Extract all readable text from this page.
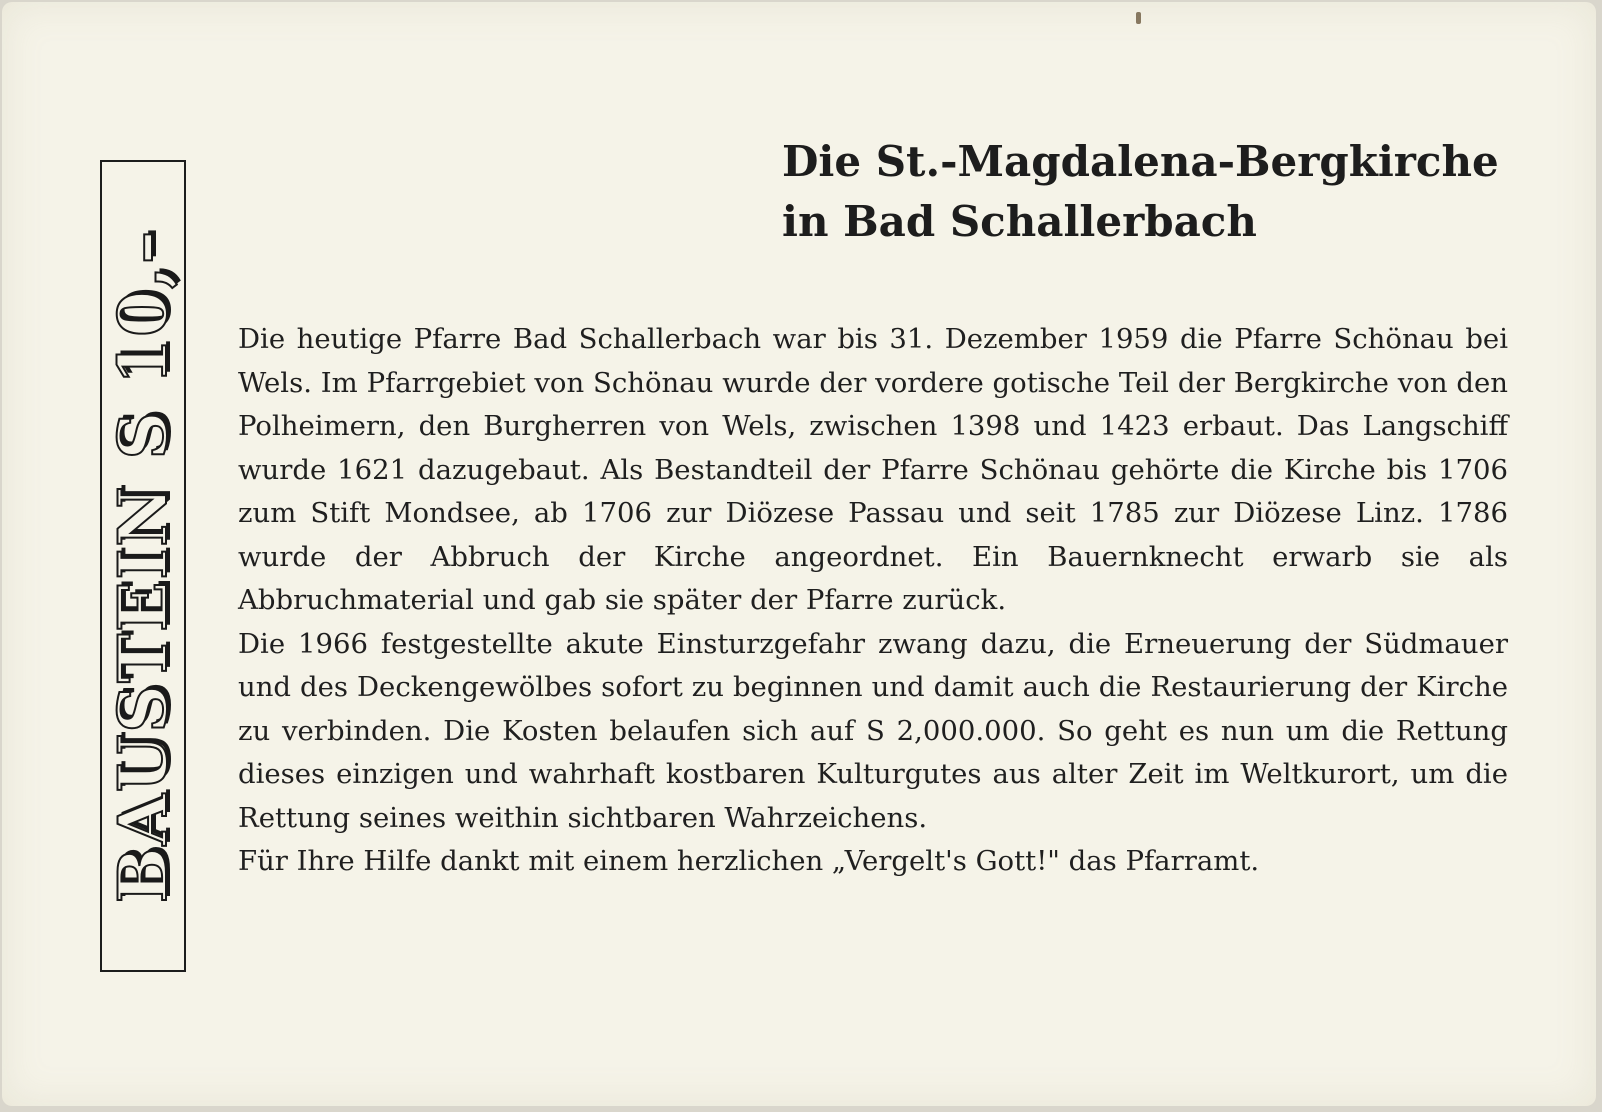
BAUSTEIN S 10,–
Die St.-Magdalena-Bergkirche
in Bad Schallerbach

Die heutige Pfarre Bad Schallerbach war bis 31. Dezember 1959 die Pfarre Schönau bei Wels. Im Pfarrgebiet von Schönau wurde der vordere gotische Teil der Bergkirche von den Polheimern, den Burgherren von Wels, zwischen 1398 und 1423 erbaut. Das Langschiff wurde 1621 dazugebaut. Als Bestandteil der Pfarre Schönau gehörte die Kirche bis 1706 zum Stift Mondsee, ab 1706 zur Diözese Passau und seit 1785 zur Diözese Linz. 1786 wurde der Abbruch der Kirche angeordnet. Ein Bauernknecht erwarb sie als Abbruchmaterial und gab sie später der Pfarre zurück.

Die 1966 festgestellte akute Einsturzgefahr zwang dazu, die Erneuerung der Südmauer und des Deckengewölbes sofort zu beginnen und damit auch die Restaurierung der Kirche zu verbinden. Die Kosten belaufen sich auf S 2,000.000. So geht es nun um die Rettung dieses einzigen und wahrhaft kostbaren Kulturgutes aus alter Zeit im Weltkurort, um die Rettung seines weithin sichtbaren Wahrzeichens.

Für Ihre Hilfe dankt mit einem herzlichen „Vergelt's Gott!" das Pfarramt.
